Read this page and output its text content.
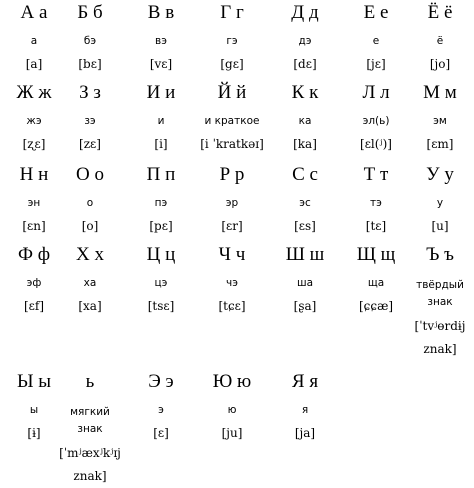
А а
а
[a]
Б б
бэ
[bɛ]
В в
вэ
[vɛ]
Г г
гэ
[gɛ]
Д д
дэ
[dɛ]
Е е
е
[jɛ]
Ё ё
ё
[jo]
Ж ж
жэ
[ʐɛ]
З з
зэ
[zɛ]
И и
и
[i]
Й й
и краткое
[i ˈkratkəɪ]
К к
ка
[ka]
Л л
эл(ь)
[ɛl(ʲ)]
М м
эм
[ɛm]
Н н
эн
[ɛn]
О о
о
[o]
П п
пэ
[pɛ]
Р р
эр
[ɛr]
С с
эс
[ɛs]
Т т
тэ
[tɛ]
У у
у
[u]
Ф ф
эф
[ɛf]
Х х
ха
[xa]
Ц ц
цэ
[tsɛ]
Ч ч
чэ
[tɕɛ]
Ш ш
ша
[ʂa]
Щ щ
ща
[ɕɕæ]
Ъ ъ
твёрдый знак
[ˈtvʲɵrdɨj znak]
Ы ы
ы
[ɨ]
ь
мягкий знак
[ˈmʲæxʲkʲɪj znak]
Э э
э
[ɛ]
Ю ю
ю
[ju]
Я я
я
[ja]
